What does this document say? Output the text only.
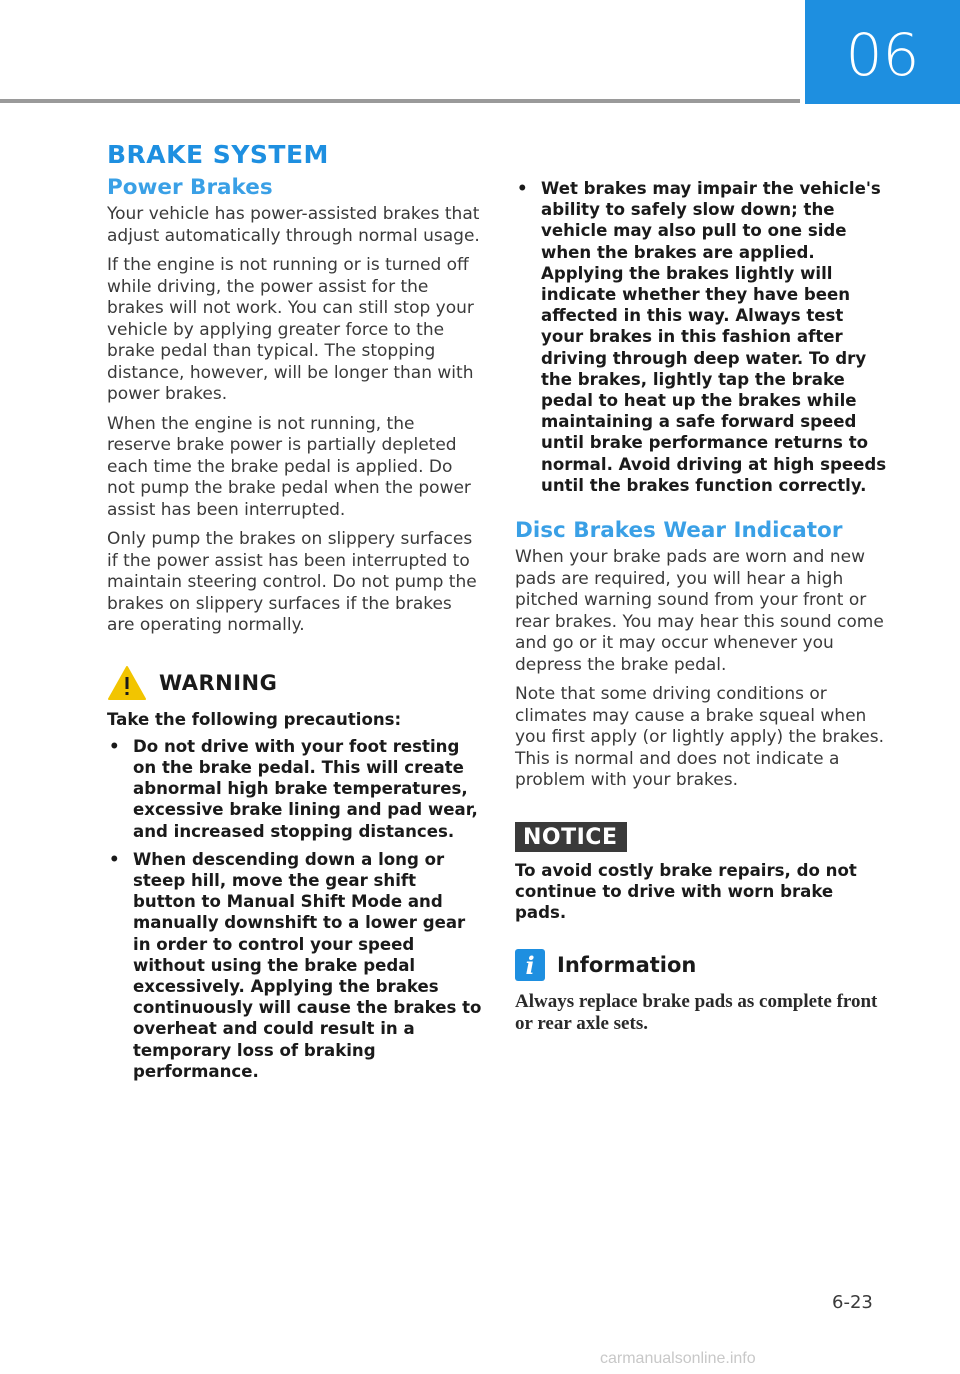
06
BRAKE SYSTEM
Power Brakes

Your vehicle has power-assisted brakes that adjust automatically through normal usage.

If the engine is not running or is turned off while driving, the power assist for the brakes will not work. You can still stop your vehicle by applying greater force to the brake pedal than typical. The stopping distance, however, will be longer than with power brakes.

When the engine is not running, the reserve brake power is partially depleted each time the brake pedal is applied. Do not pump the brake pedal when the power assist has been interrupted.

Only pump the brakes on slippery surfaces if the power assist has been interrupted to maintain steering control. Do not pump the brakes on slippery surfaces if the brakes are operating normally.

WARNING

Take the following precautions:

• Do not drive with your foot resting on the brake pedal. This will create abnormal high brake temperatures, excessive brake lining and pad wear, and increased stopping distances.
• When descending down a long or steep hill, move the gear shift button to Manual Shift Mode and manually downshift to a lower gear in order to control your speed without using the brake pedal excessively. Applying the brakes continuously will cause the brakes to overheat and could result in a temporary loss of braking performance.
• Wet brakes may impair the vehicle's ability to safely slow down; the vehicle may also pull to one side when the brakes are applied. Applying the brakes lightly will indicate whether they have been affected in this way. Always test your brakes in this fashion after driving through deep water. To dry the brakes, lightly tap the brake pedal to heat up the brakes while maintaining a safe forward speed until brake performance returns to normal. Avoid driving at high speeds until the brakes function correctly.
Disc Brakes Wear Indicator

When your brake pads are worn and new pads are required, you will hear a high pitched warning sound from your front or rear brakes. You may hear this sound come and go or it may occur whenever you depress the brake pedal.

Note that some driving conditions or climates may cause a brake squeal when you first apply (or lightly apply) the brakes. This is normal and does not indicate a problem with your brakes.

NOTICE

To avoid costly brake repairs, do not continue to drive with worn brake pads.

i	Information

Always replace brake pads as complete front or rear axle sets.

6-23
carmanualsonline.info
